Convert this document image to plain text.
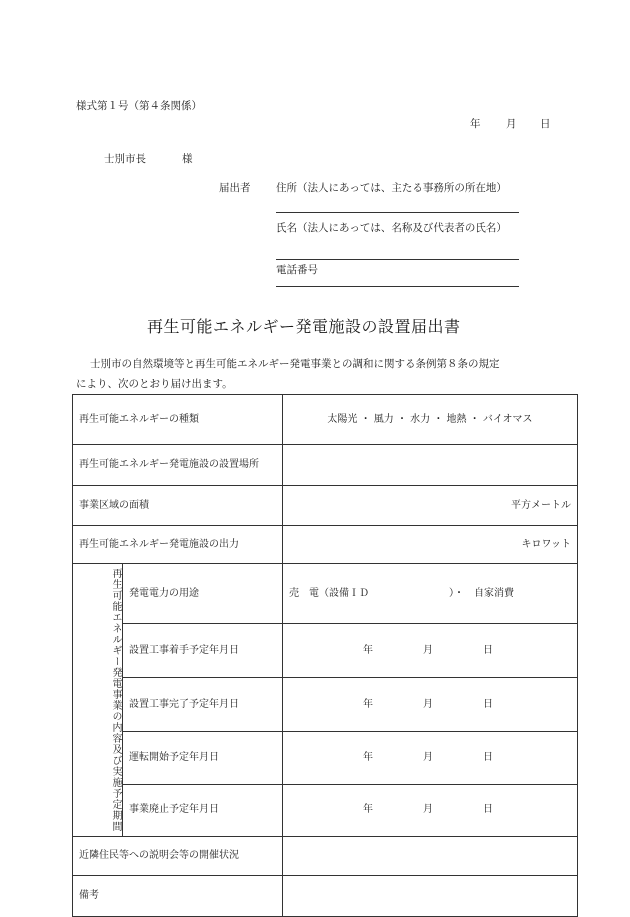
様式第１号（第４条関係）
年 月 日
士別市長	様
届出者 住所（法人にあっては、主たる事務所の所在地）
氏名（法人にあっては、名称及び代表者の氏名）
電話番号
再生可能エネルギー発電施設の設置届出書
士別市の自然環境等と再生可能エネルギー発電事業との調和に関する条例第８条の規定
により、次のとおり届け出ます。
再生可能エネルギーの種類		太陽光 ・ 風力 ・ 水力 ・ 地熱 ・ バイオマス
再生可能エネルギー発電施設の設置場所		
事業区域の面積		平方メートル
再生可能エネルギー発電施設の出力		キロワット

再生可能エネルギー発電事業
の内容及び実施予定期間	発電電力の用途	売　電（設備ＩＤ ）・　 自家消費
	設置工事着手予定年月日	年 月 日
	設置工事完了予定年月日	年 月 日
	運転開始予定年月日	年 月 日
	事業廃止予定年月日	年 月 日
近隣住民等への説明会等の開催状況		
備考		
